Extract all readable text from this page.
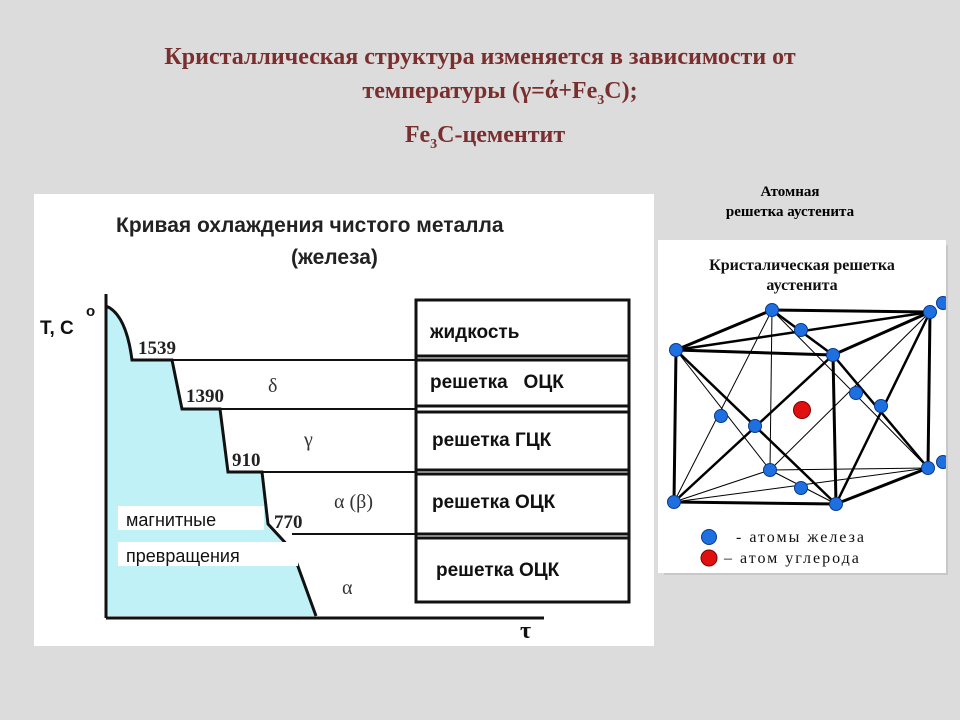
Кристаллическая структура изменяется в зависимости от
температуры $(\gamma=ά+Fe_3C)$;
$Fe_3C$-цементит
Кривая охлаждения чистого металла
(железа)
T, C
o
τ
1539
1390
910
770
δ
γ
α (β)
α
магнитные
превращения
жидкость
решетка   ОЦК
решетка ГЦК
решетка ОЦК
решетка ОЦК
Атомная
решетка аустенита
Кристалическая решетка
аустенита
- атомы железа
– атом углерода
